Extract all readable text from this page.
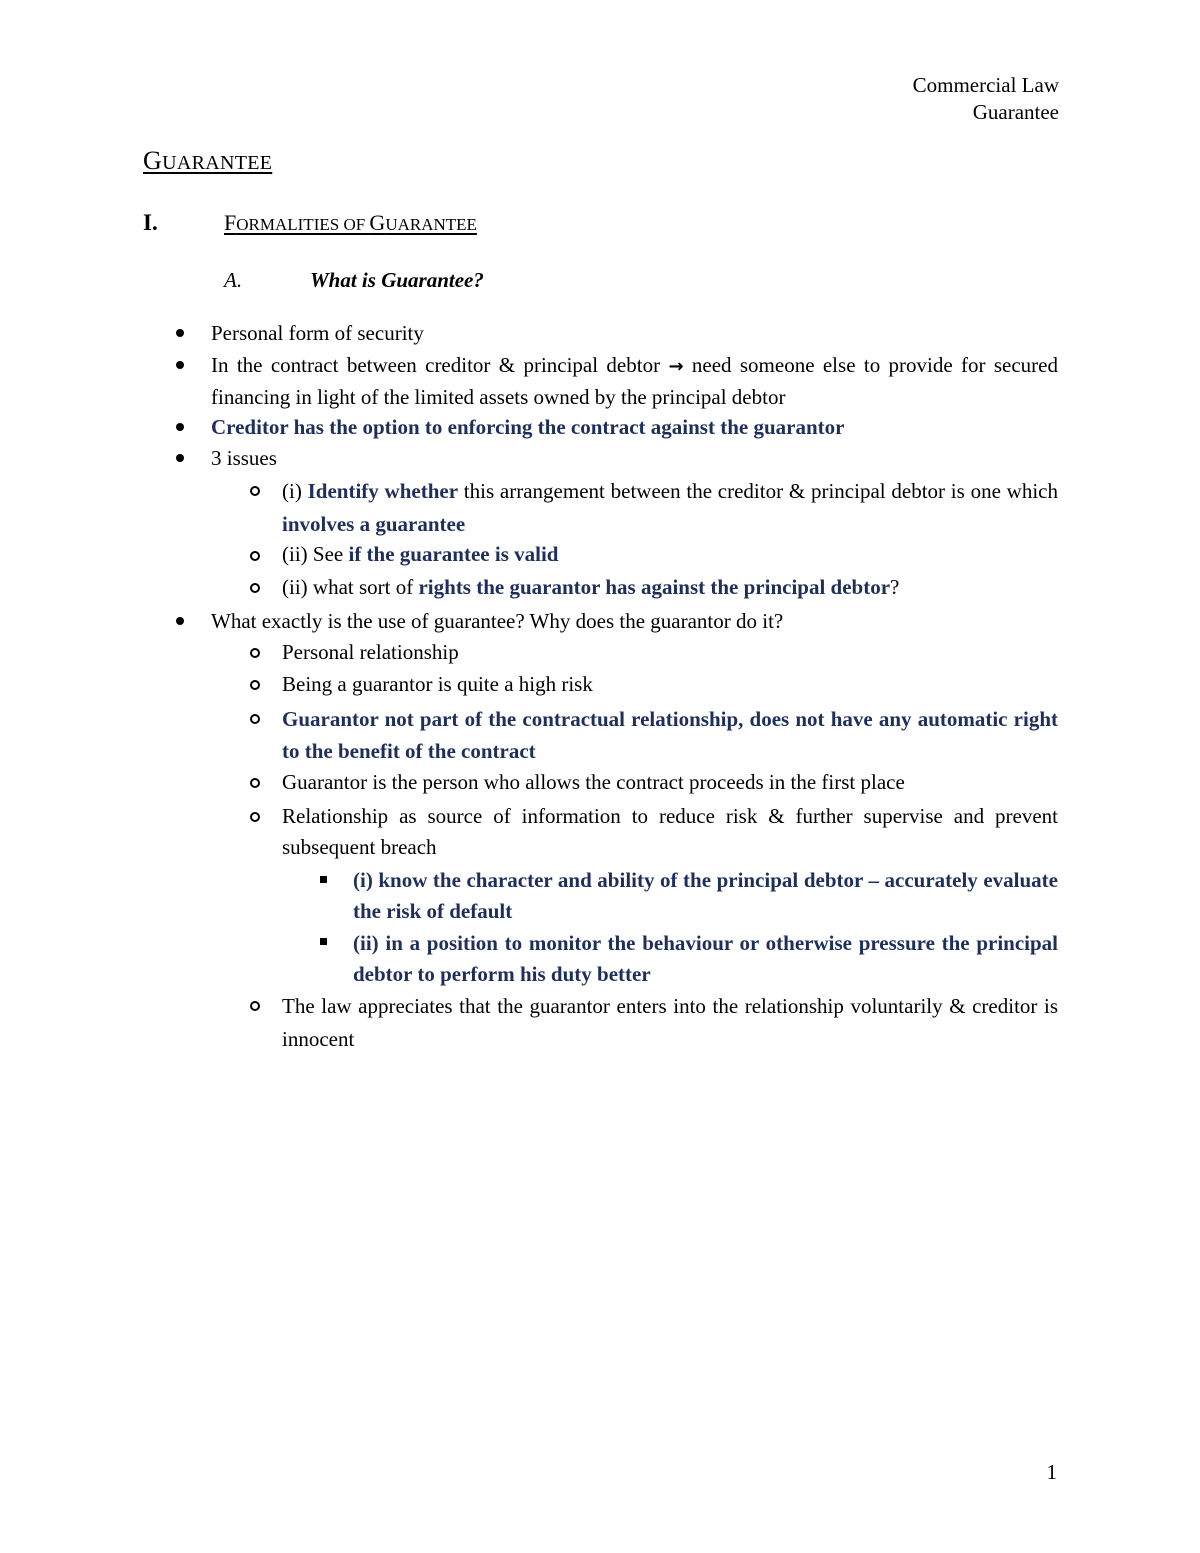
Commercial Law
Guarantee
GUARANTEE
I.	FORMALITIES OF GUARANTEE
A.	What is Guarantee?
Personal form of security
In the contract between creditor & principal debtor → need someone else to provide for secured financing in light of the limited assets owned by the principal debtor
Creditor has the option to enforcing the contract against the guarantor
3 issues
(i) Identify whether this arrangement between the creditor & principal debtor is one which involves a guarantee
(ii) See if the guarantee is valid
(ii) what sort of rights the guarantor has against the principal debtor?
What exactly is the use of guarantee? Why does the guarantor do it?
Personal relationship
Being a guarantor is quite a high risk
Guarantor not part of the contractual relationship, does not have any automatic right to the benefit of the contract
Guarantor is the person who allows the contract proceeds in the first place
Relationship as source of information to reduce risk & further supervise and prevent subsequent breach
(i) know the character and ability of the principal debtor – accurately evaluate the risk of default
(ii) in a position to monitor the behaviour or otherwise pressure the principal debtor to perform his duty better
The law appreciates that the guarantor enters into the relationship voluntarily & creditor is innocent
1
